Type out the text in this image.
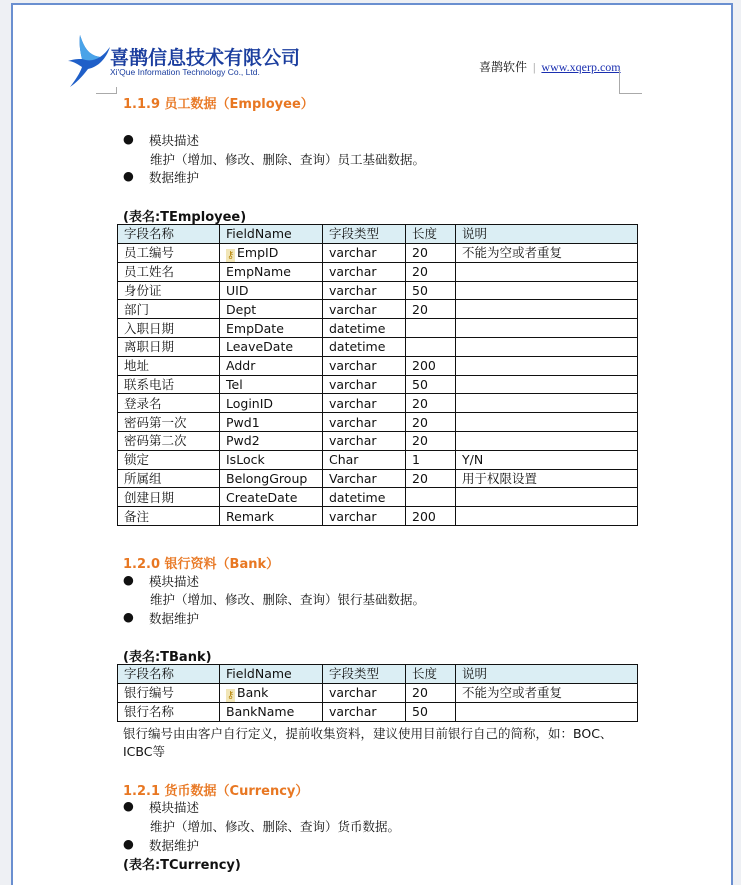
喜鹊信息技术有限公司
Xi'Que Information Technology Co., Ltd.	喜鹊软件 | www.xqerp.com
1.1.9 员工数据（Employee）
● 模块描述
维护（增加、修改、删除、查询）员工基础数据。
● 数据维护
(表名:TEmployee)
字段名称	FieldName	字段类型	长度	说明
员工编号	⚷ EmpID	varchar	20	不能为空或者重复
员工姓名	EmpName	varchar	20	
身份证	UID	varchar	50	
部门	Dept	varchar	20	
入职日期	EmpDate	datetime		
离职日期	LeaveDate	datetime		
地址	Addr	varchar	200	
联系电话	Tel	varchar	50	
登录名	LoginID	varchar	20	
密码第一次	Pwd1	varchar	20	
密码第二次	Pwd2	varchar	20	
锁定	IsLock	Char	1	Y/N
所属组	BelongGroup	Varchar	20	用于权限设置
创建日期	CreateDate	datetime		
备注	Remark	varchar	200	
1.2.0 银行资料（Bank）
● 模块描述
维护（增加、修改、删除、查询）银行基础数据。
● 数据维护
(表名:TBank)
字段名称	FieldName	字段类型	长度	说明
银行编号	⚷ Bank	varchar	20	不能为空或者重复
银行名称	BankName	varchar	50	
银行编号由由客户自行定义，提前收集资料，建议使用目前银行自己的简称，如：BOC、
ICBC等
1.2.1 货币数据（Currency）
● 模块描述
维护（增加、修改、删除、查询）货币数据。
● 数据维护
(表名:TCurrency)
